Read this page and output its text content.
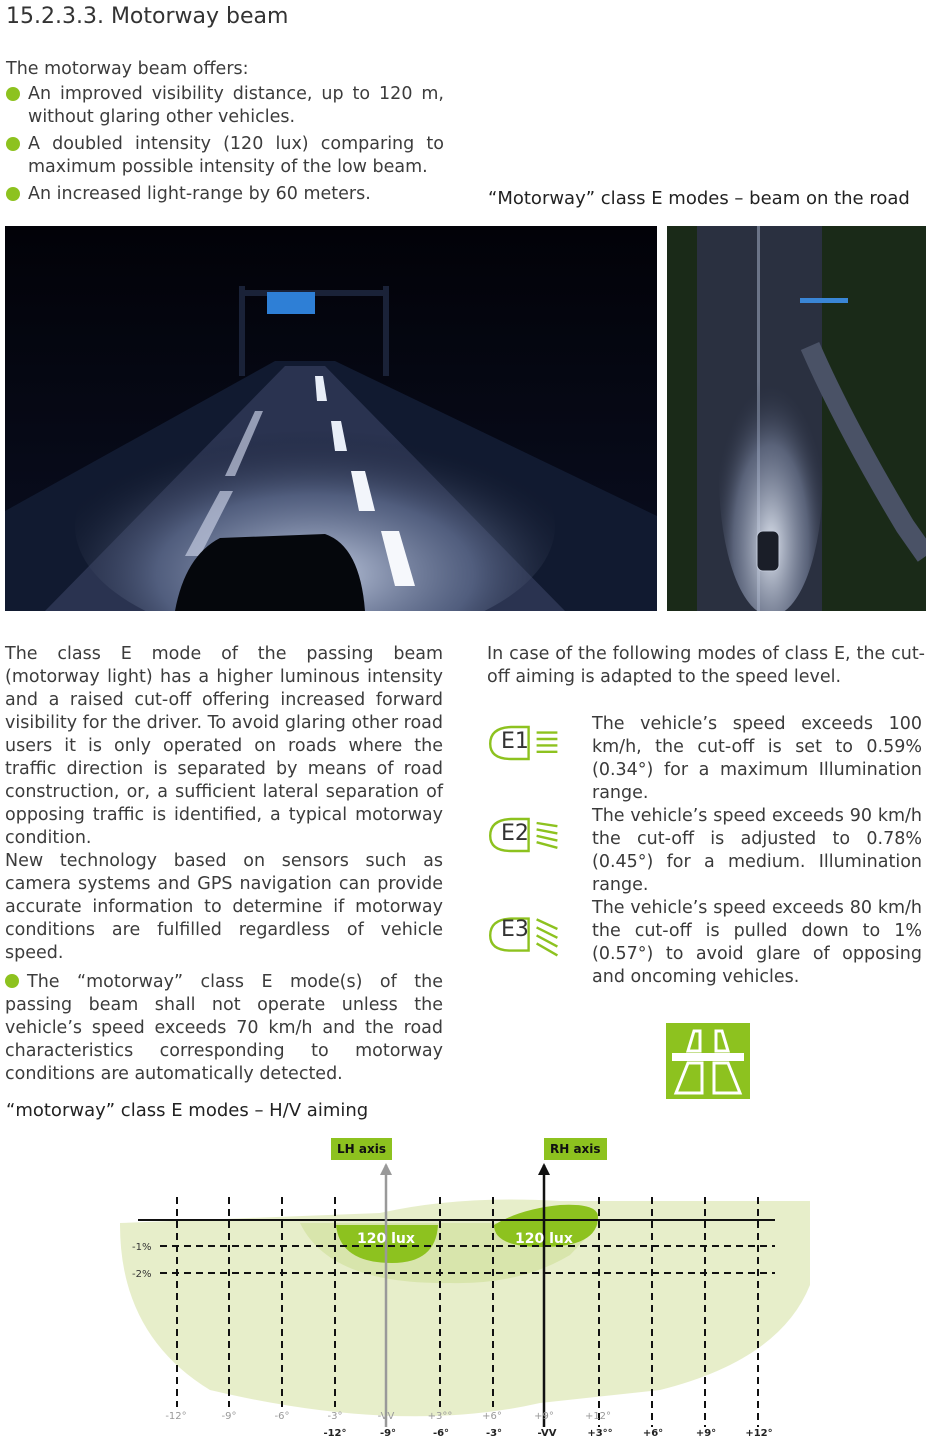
15.2.3.3. Motorway beam
The motorway beam offers:
An improved visibility distance, up to 120 m, without glaring other vehicles.
A doubled intensity (120 lux) comparing to maximum possible intensity of the low beam.
An increased light-range by 60 meters.	“Motorway” class E modes – beam on the road
The class E mode of the passing beam (motorway light) has a higher luminous intensity and a raised cut-off offering increased forward visibility for the driver. To avoid glaring other road users it is only operated on roads where the traffic direction is separated by means of road construction, or, a sufficient lateral separation of opposing traffic is identified, a typical motorway condition.
New technology based on sensors such as camera systems and GPS navigation can provide accurate information to determine if motorway conditions are fulfilled regardless of vehicle speed.
The “motorway” class E mode(s) of the passing beam shall not operate unless the vehicle’s speed exceeds 70 km/h and the road characteristics corresponding to motorway conditions are automatically detected.
In case of the following modes of class E, the cut-off aiming is adapted to the speed level.
E1
The vehicle’s speed exceeds 100 km/h, the cut-off is set to 0.59% (0.34°) for a maximum Illumination range.
E2
The vehicle’s speed exceeds 90 km/h the cut-off is adjusted to 0.78% (0.45°) for a medium. Illumination range.
E3
The vehicle’s speed exceeds 80 km/h the cut-off is pulled down to 1% (0.57°) to avoid glare of opposing and oncoming vehicles.
“motorway” class E modes – H/V aiming
120 lux	120 lux
-1%
-2%
-12°	-9°	-6°	-3°	-VV	+3°°	+6°	+9°	+12°
-12°	-9°	-6°	-3°	-VV	+3°°	+6°	+9°	+12°
LH axis	RH axis
